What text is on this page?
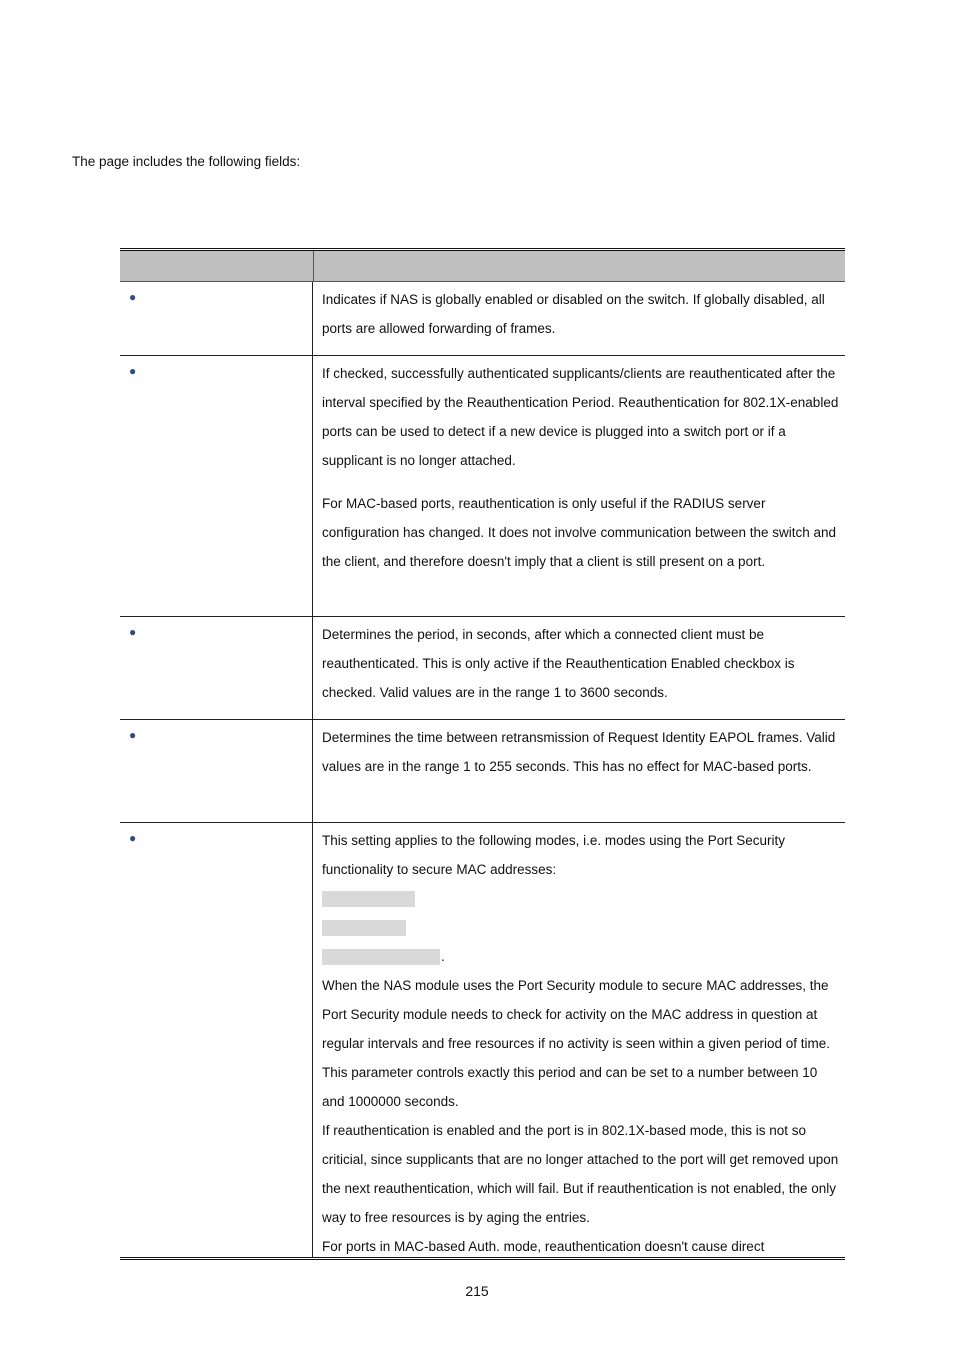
The page includes the following fields:
●	Indicates if NAS is globally enabled or disabled on the switch. If globally disabled, all ports are allowed forwarding of frames.

●	If checked, successfully authenticated supplicants/clients are reauthenticated after the interval specified by the Reauthentication Period. Reauthentication for 802.1X-enabled ports can be used to detect if a new device is plugged into a switch port or if a supplicant is no longer attached.

For MAC-based ports, reauthentication is only useful if the RADIUS server configuration has changed. It does not involve communication between the switch and the client, and therefore doesn't imply that a client is still present on a port.

●	Determines the period, in seconds, after which a connected client must be reauthenticated. This is only active if the Reauthentication Enabled checkbox is checked. Valid values are in the range 1 to 3600 seconds.

●	Determines the time between retransmission of Request Identity EAPOL frames. Valid values are in the range 1 to 255 seconds. This has no effect for MAC-based ports.

●	This setting applies to the following modes, i.e. modes using the Port Security functionality to secure MAC addresses:

.

When the NAS module uses the Port Security module to secure MAC addresses, the Port Security module needs to check for activity on the MAC address in question at regular intervals and free resources if no activity is seen within a given period of time. This parameter controls exactly this period and can be set to a number between 10 and 1000000 seconds.

If reauthentication is enabled and the port is in 802.1X-based mode, this is not so criticial, since supplicants that are no longer attached to the port will get removed upon the next reauthentication, which will fail. But if reauthentication is not enabled, the only way to free resources is by aging the entries.

For ports in MAC-based Auth. mode, reauthentication doesn't cause direct

215
